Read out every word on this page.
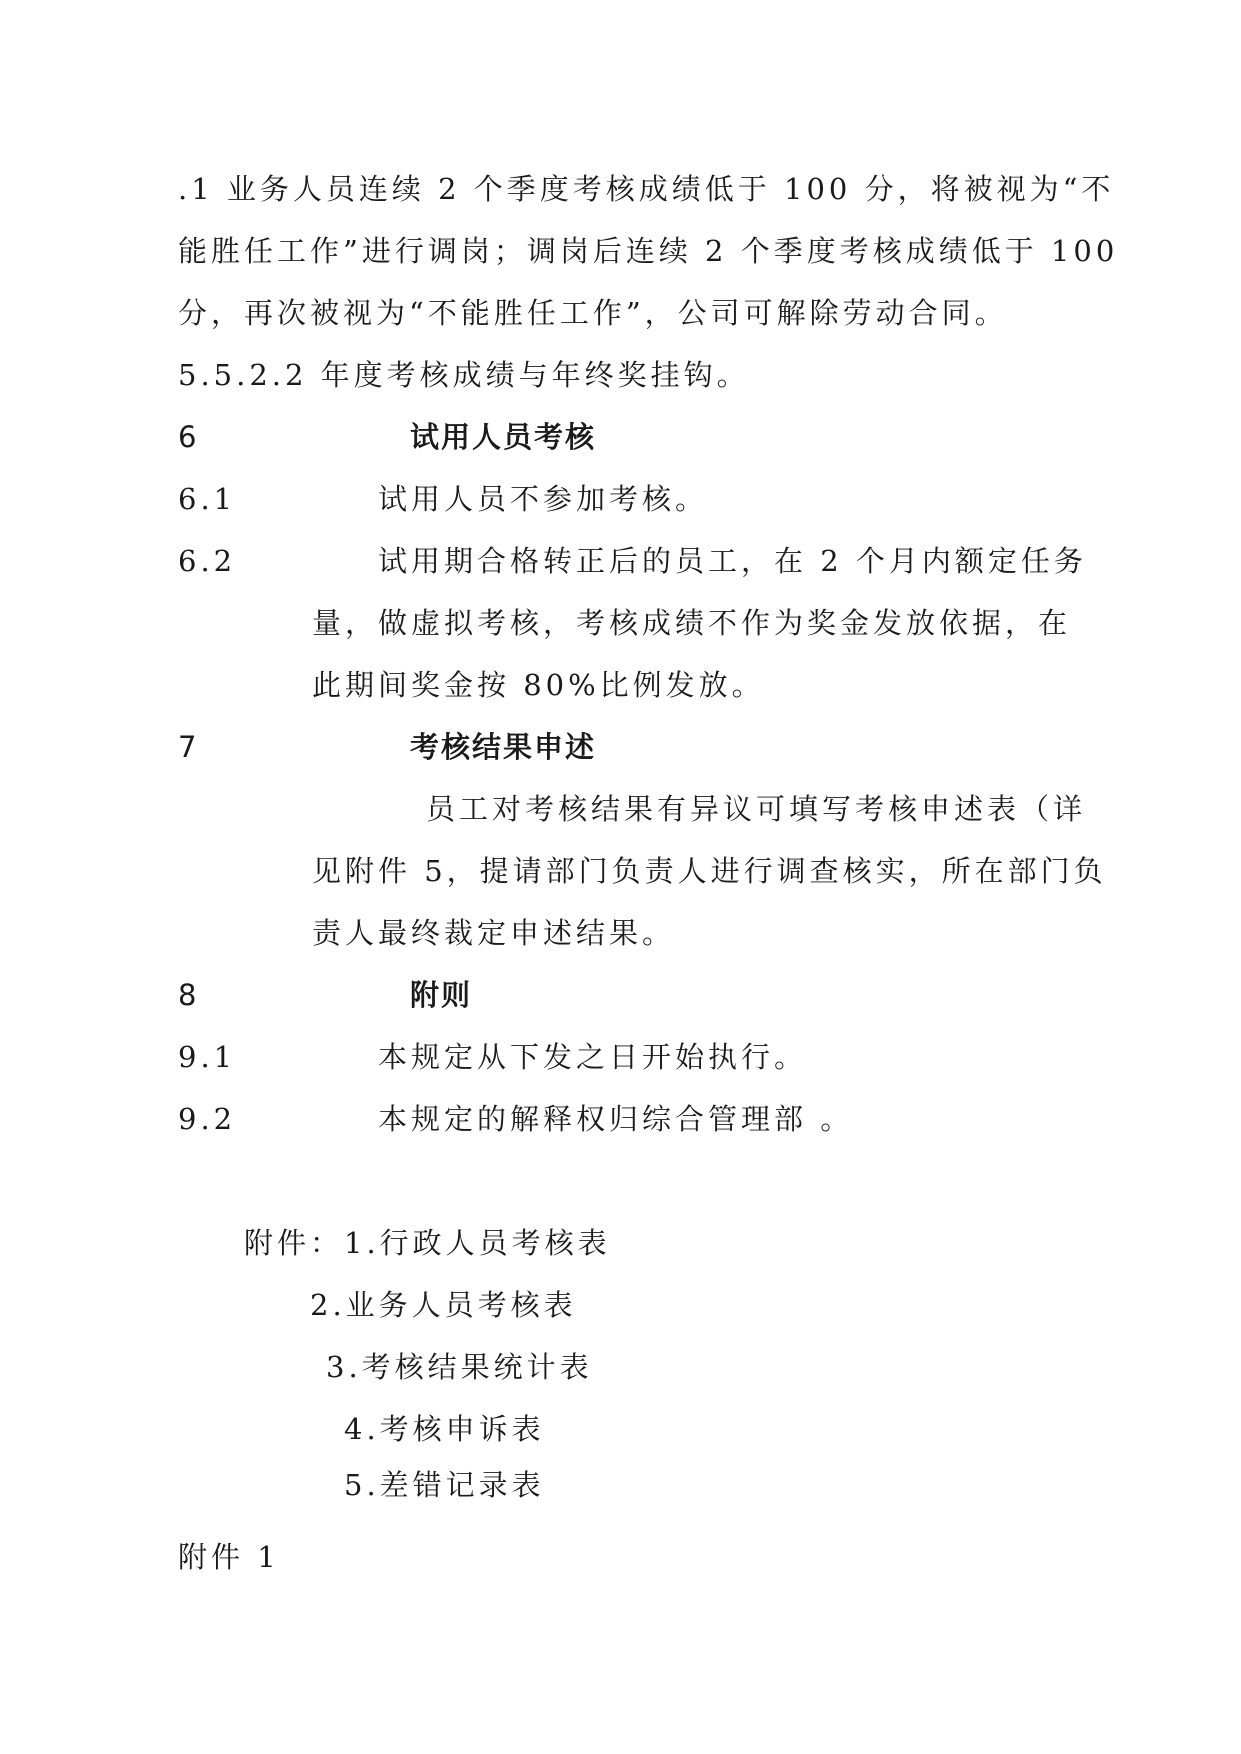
.1 业务人员连续 2 个季度考核成绩低于 100 分，将被视为“不
能胜任工作”进行调岗；调岗后连续 2 个季度考核成绩低于 100
分，再次被视为“不能胜任工作”，公司可解除劳动合同。
5.5.2.2 年度考核成绩与年终奖挂钩。
6	试用人员考核
6.1	试用人员不参加考核。
6.2	试用期合格转正后的员工，在 2 个月内额定任务
量，做虚拟考核，考核成绩不作为奖金发放依据，在
此期间奖金按 80%比例发放。
7	考核结果申述
员工对考核结果有异议可填写考核申述表（详
见附件 5，提请部门负责人进行调查核实，所在部门负
责人最终裁定申述结果。
8	附则
9.1	本规定从下发之日开始执行。
9.2	本规定的解释权归综合管理部 。
附件： 1.行政人员考核表
2.业务人员考核表
3.考核结果统计表
4.考核申诉表
5.差错记录表
附件 1
